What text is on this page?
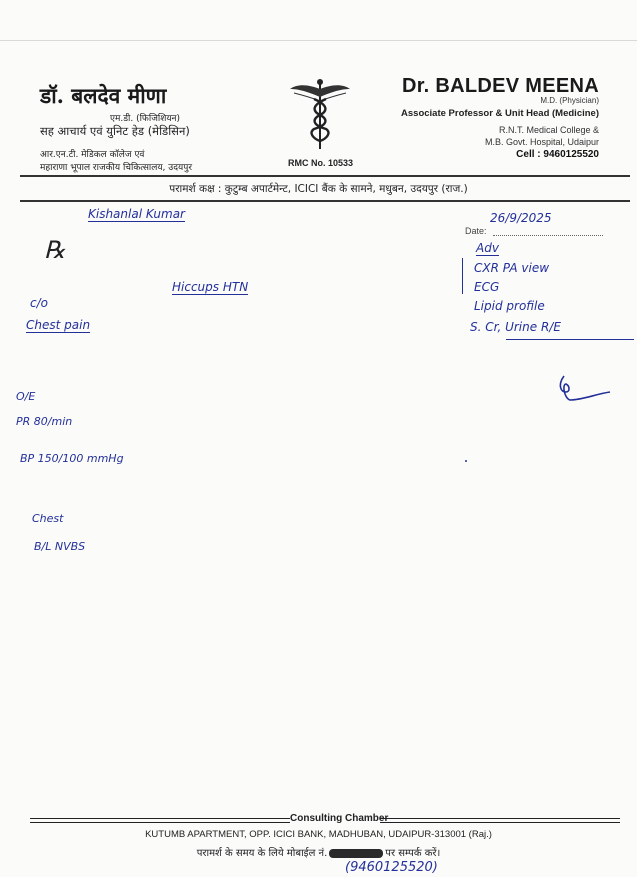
डॉ. बलदेव मीणा
एम.डी. (फिजिशियन)
सह आचार्य एवं युनिट हेड (मेडिसिन)
आर.एन.टी. मेडिकल कॉलेज एवं
महाराणा भूपाल राजकीय चिकित्सालय, उदयपुर	RMC No. 10533
Dr. BALDEV MEENA
M.D. (Physician)
Associate Professor & Unit Head (Medicine)
R.N.T. Medical College &
M.B. Govt. Hospital, Udaipur
Cell : 9460125520
परामर्श कक्ष : कुटुम्ब अपार्टमेन्ट, ICICI बैंक के सामने, मधुबन, उदयपुर (राज.)
Kishanlal Kumar	26/9/2025
Date:
℞
Hiccups HTN
c/o
Chest pain
O/E
PR 80/min
BP 150/100 mmHg
Chest
B/L NVBS
Adv
CXR PA view
ECG
Lipid profile
S. Cr, Urine R/E
Consulting Chamber
KUTUMB APARTMENT, OPP. ICICI BANK, MADHUBAN, UDAIPUR-313001 (Raj.)
परामर्श के समय के लिये मोबाईल नं.	पर सम्पर्क करें।
(9460125520)
